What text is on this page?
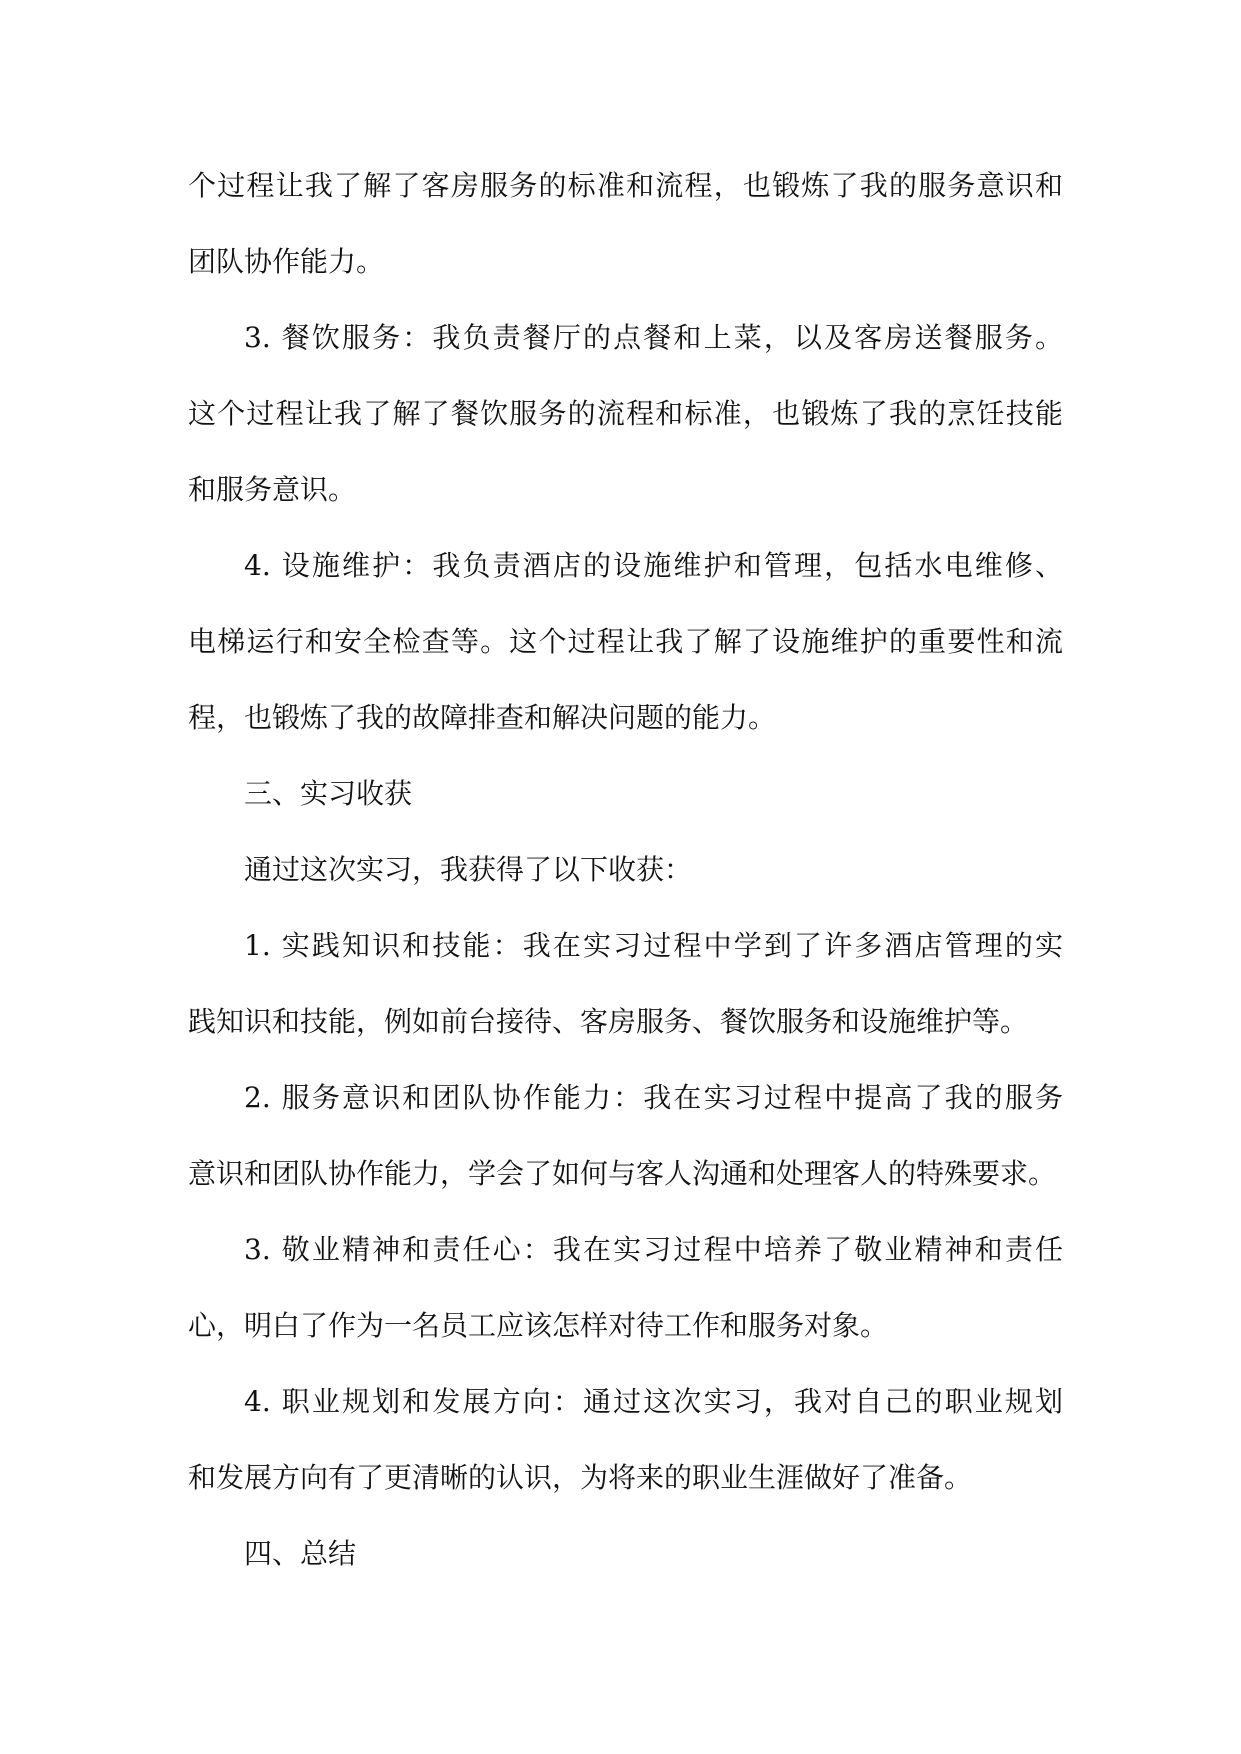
个过程让我了解了客房服务的标准和流程，也锻炼了我的服务意识和
团队协作能力。
3. 餐饮服务：我负责餐厅的点餐和上菜，以及客房送餐服务。
这个过程让我了解了餐饮服务的流程和标准，也锻炼了我的烹饪技能
和服务意识。
4. 设施维护：我负责酒店的设施维护和管理，包括水电维修、
电梯运行和安全检查等。这个过程让我了解了设施维护的重要性和流
程，也锻炼了我的故障排查和解决问题的能力。
三、实习收获
通过这次实习，我获得了以下收获：
1. 实践知识和技能：我在实习过程中学到了许多酒店管理的实
践知识和技能，例如前台接待、客房服务、餐饮服务和设施维护等。
2. 服务意识和团队协作能力：我在实习过程中提高了我的服务
意识和团队协作能力，学会了如何与客人沟通和处理客人的特殊要求。
3. 敬业精神和责任心：我在实习过程中培养了敬业精神和责任
心，明白了作为一名员工应该怎样对待工作和服务对象。
4. 职业规划和发展方向：通过这次实习，我对自己的职业规划
和发展方向有了更清晰的认识，为将来的职业生涯做好了准备。
四、总结
